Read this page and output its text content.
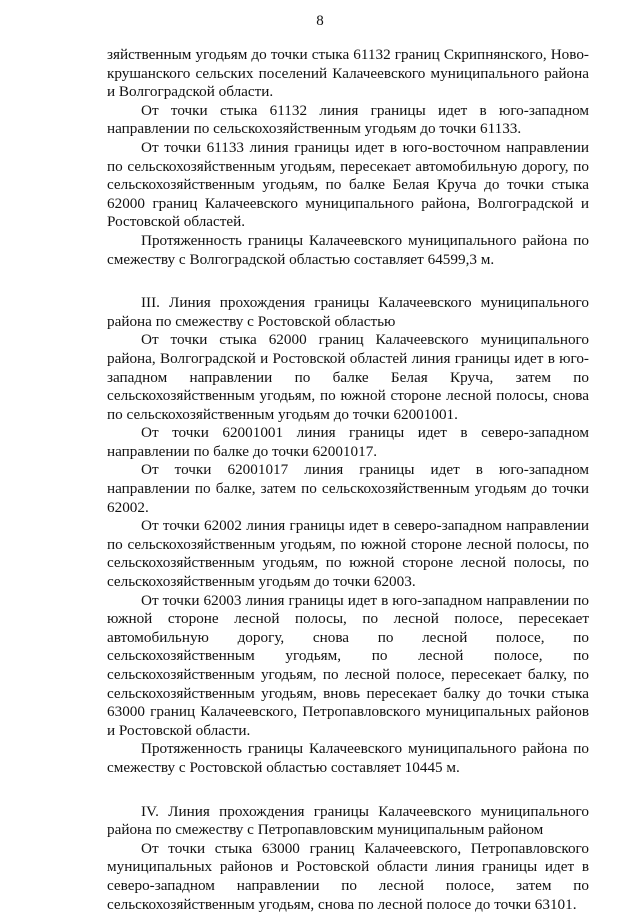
8

зяйственным угодьям до точки стыка 61132 границ Скрипнянского, Ново-крушанского сельских поселений Калачеевского муниципального района и Волгоградской области.

От точки стыка 61132 линия границы идет в юго-западном направлении по сельскохозяйственным угодьям до точки 61133.

От точки 61133 линия границы идет в юго-восточном направлении по сельскохозяйственным угодьям, пересекает автомобильную дорогу, по сельскохозяйственным угодьям, по балке Белая Круча до точки стыка 62000 границ Калачеевского муниципального района, Волгоградской и Ростовской областей.

Протяженность границы Калачеевского муниципального района по смежеству с Волгоградской областью составляет 64599,3 м.

III. Линия прохождения границы Калачеевского муниципального района по смежеству с Ростовской областью

От точки стыка 62000 границ Калачеевского муниципального района, Волгоградской и Ростовской областей линия границы идет в юго-западном направлении по балке Белая Круча, затем по сельскохозяйственным угодьям, по южной стороне лесной полосы, снова по сельскохозяйственным угодьям до точки 62001001.

От точки 62001001 линия границы идет в северо-западном направлении по балке до точки 62001017.

От точки 62001017 линия границы идет в юго-западном направлении по балке, затем по сельскохозяйственным угодьям до точки 62002.

От точки 62002 линия границы идет в северо-западном направлении по сельскохозяйственным угодьям, по южной стороне лесной полосы, по сельскохозяйственным угодьям, по южной стороне лесной полосы, по сельскохозяйственным угодьям до точки 62003.

От точки 62003 линия границы идет в юго-западном направлении по южной стороне лесной полосы, по лесной полосе, пересекает автомобильную дорогу, снова по лесной полосе, по сельскохозяйственным угодьям, по лесной полосе, по сельскохозяйственным угодьям, по лесной полосе, пересекает балку, по сельскохозяйственным угодьям, вновь пересекает балку до точки стыка 63000 границ Калачеевского, Петропавловского муниципальных районов и Ростовской области.

Протяженность границы Калачеевского муниципального района по смежеству с Ростовской областью составляет 10445 м.

IV. Линия прохождения границы Калачеевского муниципального района по смежеству с Петропавловским муниципальным районом

От точки стыка 63000 границ Калачеевского, Петропавловского муниципальных районов и Ростовской области линия границы идет в северо-западном направлении по лесной полосе, затем по сельскохозяйственным угодьям, снова по лесной полосе до точки 63101.
